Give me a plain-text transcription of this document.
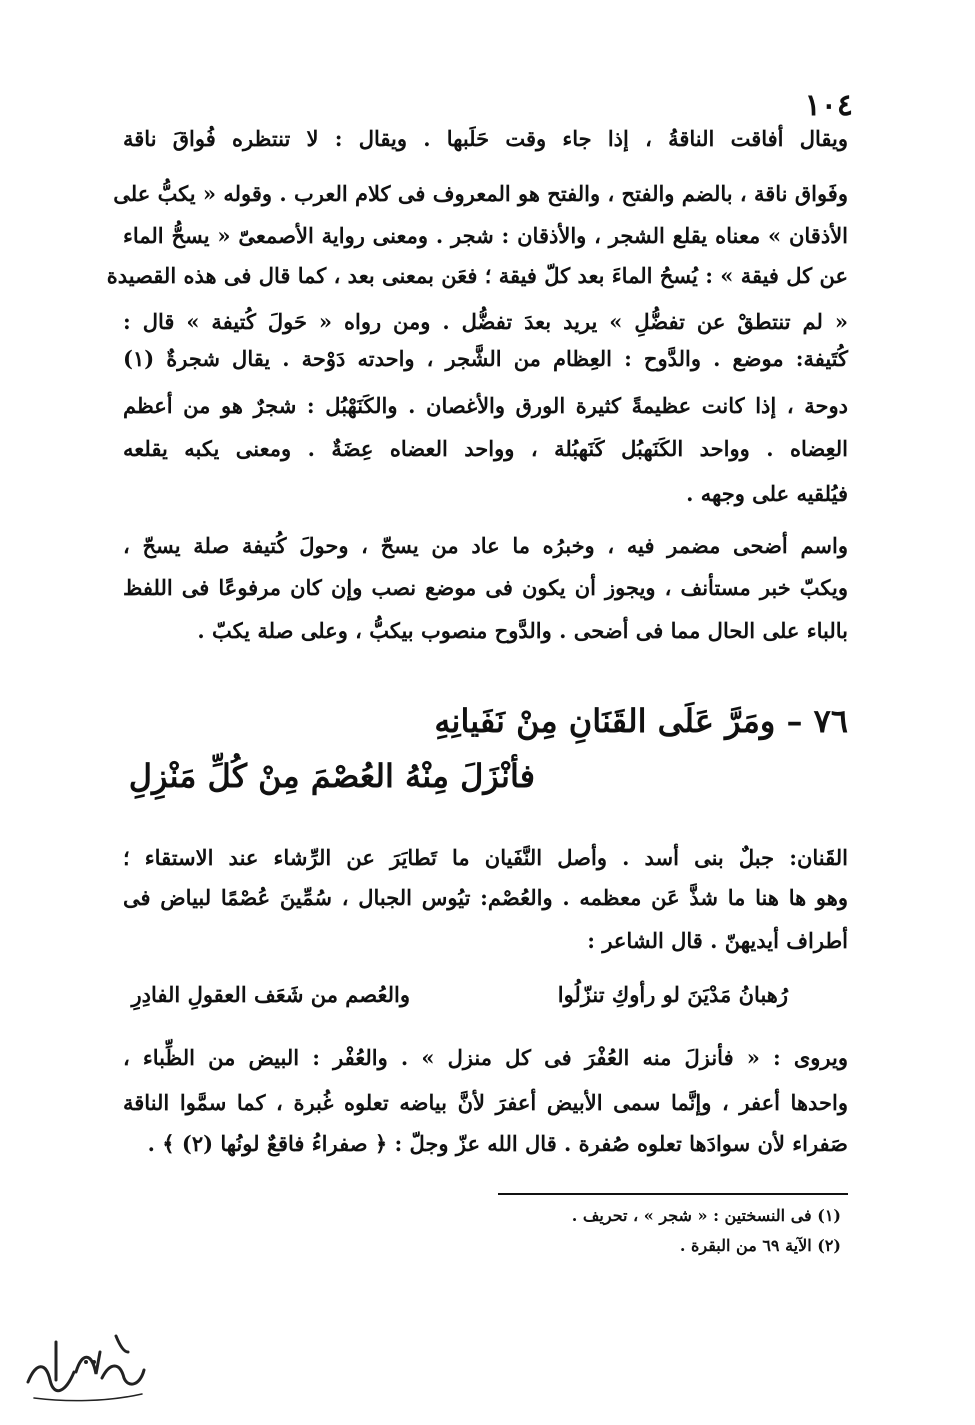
١٠٤
ويقال أفاقت الناقةُ ، إذا جاء وقت حَلَبها . ويقال : لا تنتظره فُواقَ ناقة
وفَواق ناقة ، بالضم والفتح ، والفتح هو المعروف فى كلام العرب . وقوله « يكبُّ على
الأذقان » معناه يقلع الشجر ، والأذقان : شجر . ومعنى رواية الأصمعىّ « يسحُّ الماء
عن كل فيقة » : يُسحُ الماءَ بعد كلّ فيقة ؛ فعَن بمعنى بعد ، كما قال فى هذه القصيدة
« لم تنتطقْ عن تفضُّلِ » يريد بعدَ تفضُّل . ومن رواه « حَولَ كُتيفة » قال :
كُتَيفة: موضع . والدَّوح : العِظام من الشَّجر ، واحدته دَوْحة . يقال شجرةٌ (١)
دوحة ، إذا كانت عظيمةً كثيرة الورق والأغصان . والكَنَهْبُل : شجرٌ هو من أعظم
العِضاه . وواحد الكَنَهبُل كَنَهبُلة ، وواحد العضاه عِضَةٌ . ومعنى يكبه يقلعه
فيُلقيه على وجهه .
واسم أضحى مضمر فيه ، وخبرُه ما عاد من يسحّ ، وحولَ كُتيفة صلة يسحّ ،
ويكبّ خبر مستأنف ، ويجوز أن يكون فى موضع نصب وإن كان مرفوعًا فى اللفظ
بالباء على الحال مما فى أضحى . والدَّوح منصوب بيكبُّ ، وعلى صلة يكبّ .
٧٦ – ومَرَّ عَلَى القَنَانِ مِنْ نَفَيانِهِ
فأنْزَلَ مِنْهُ العُصْمَ مِنْ كُلِّ مَنْزِلِ
القَنان: جبلٌ بنى أسد . وأصل النَّفَيان ما تَطايَرَ عن الرِّشاء عند الاستقاء ؛
وهو ها هنا ما شذَّ عَن معظمه . والعُصْم: تيُوس الجبال ، سُمِّينَ عُصْمًا لبياض فى
أطراف أيديهنّ . قال الشاعر :
رُهبانُ مَدْيَنَ لو رأوكِ تنزّلُوا
والعُصم من شَعَف العقولِ الفادِرِ
ويروى : « فأنزلَ منه العُفْرَ فى كل منزل » . والعُفْر : البيض من الظِّباء ،
واحدها أعفر ، وإنَّما سمى الأبيض أعفرَ لأنَّ بياضه تعلوه غُبرة ، كما سمَّوا الناقة
صَفراء لأن سوادَها تعلوه صُفرة . قال الله عزّ وجلّ : ﴿ صفراءُ فاقعٌ لونُها (٢) ﴾ .
(١) فى النسختين : « شجر » ، تحريف .
(٢) الآية ٦٩ من البقرة .
